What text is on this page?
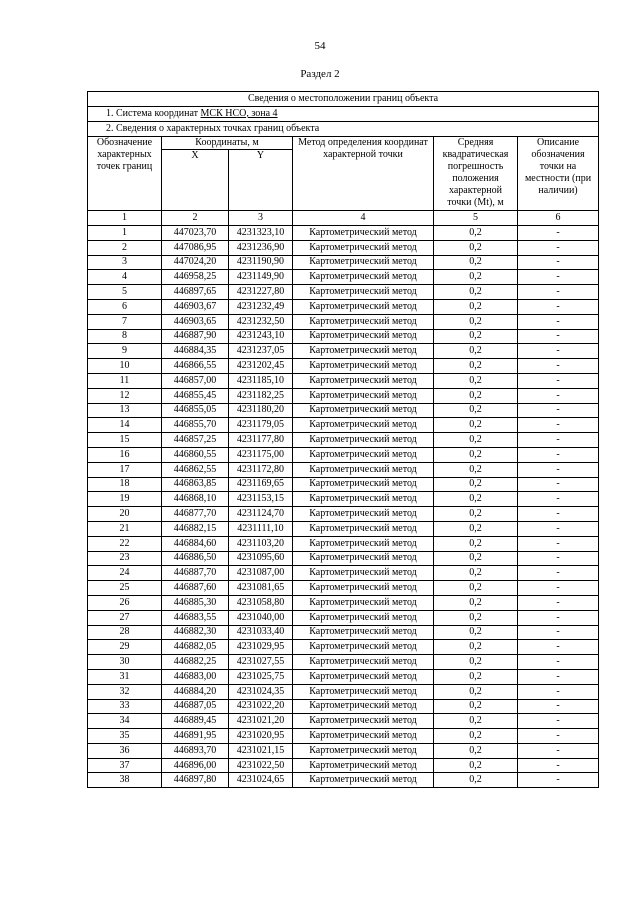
54
Раздел 2
Сведения о местоположении границ объекта					
1. Система координат МСК НСО, зона 4					
2. Сведения о характерных точках границ объекта					
Обозначение характерных точек границ	Координаты, м		Метод определения координат характерной точки	Средняя квадратическая погрешность положения характерной точки (Mt), м	Описание обозначения точки на местности (при наличии)
	X	Y			
1	2	3	4	5	6
1	447023,70	4231323,10	Картометрический метод	0,2	-
2	447086,95	4231236,90	Картометрический метод	0,2	-
3	447024,20	4231190,90	Картометрический метод	0,2	-
4	446958,25	4231149,90	Картометрический метод	0,2	-
5	446897,65	4231227,80	Картометрический метод	0,2	-
6	446903,67	4231232,49	Картометрический метод	0,2	-
7	446903,65	4231232,50	Картометрический метод	0,2	-
8	446887,90	4231243,10	Картометрический метод	0,2	-
9	446884,35	4231237,05	Картометрический метод	0,2	-
10	446866,55	4231202,45	Картометрический метод	0,2	-
11	446857,00	4231185,10	Картометрический метод	0,2	-
12	446855,45	4231182,25	Картометрический метод	0,2	-
13	446855,05	4231180,20	Картометрический метод	0,2	-
14	446855,70	4231179,05	Картометрический метод	0,2	-
15	446857,25	4231177,80	Картометрический метод	0,2	-
16	446860,55	4231175,00	Картометрический метод	0,2	-
17	446862,55	4231172,80	Картометрический метод	0,2	-
18	446863,85	4231169,65	Картометрический метод	0,2	-
19	446868,10	4231153,15	Картометрический метод	0,2	-
20	446877,70	4231124,70	Картометрический метод	0,2	-
21	446882,15	4231111,10	Картометрический метод	0,2	-
22	446884,60	4231103,20	Картометрический метод	0,2	-
23	446886,50	4231095,60	Картометрический метод	0,2	-
24	446887,70	4231087,00	Картометрический метод	0,2	-
25	446887,60	4231081,65	Картометрический метод	0,2	-
26	446885,30	4231058,80	Картометрический метод	0,2	-
27	446883,55	4231040,00	Картометрический метод	0,2	-
28	446882,30	4231033,40	Картометрический метод	0,2	-
29	446882,05	4231029,95	Картометрический метод	0,2	-
30	446882,25	4231027,55	Картометрический метод	0,2	-
31	446883,00	4231025,75	Картометрический метод	0,2	-
32	446884,20	4231024,35	Картометрический метод	0,2	-
33	446887,05	4231022,20	Картометрический метод	0,2	-
34	446889,45	4231021,20	Картометрический метод	0,2	-
35	446891,95	4231020,95	Картометрический метод	0,2	-
36	446893,70	4231021,15	Картометрический метод	0,2	-
37	446896,00	4231022,50	Картометрический метод	0,2	-
38	446897,80	4231024,65	Картометрический метод	0,2	-
